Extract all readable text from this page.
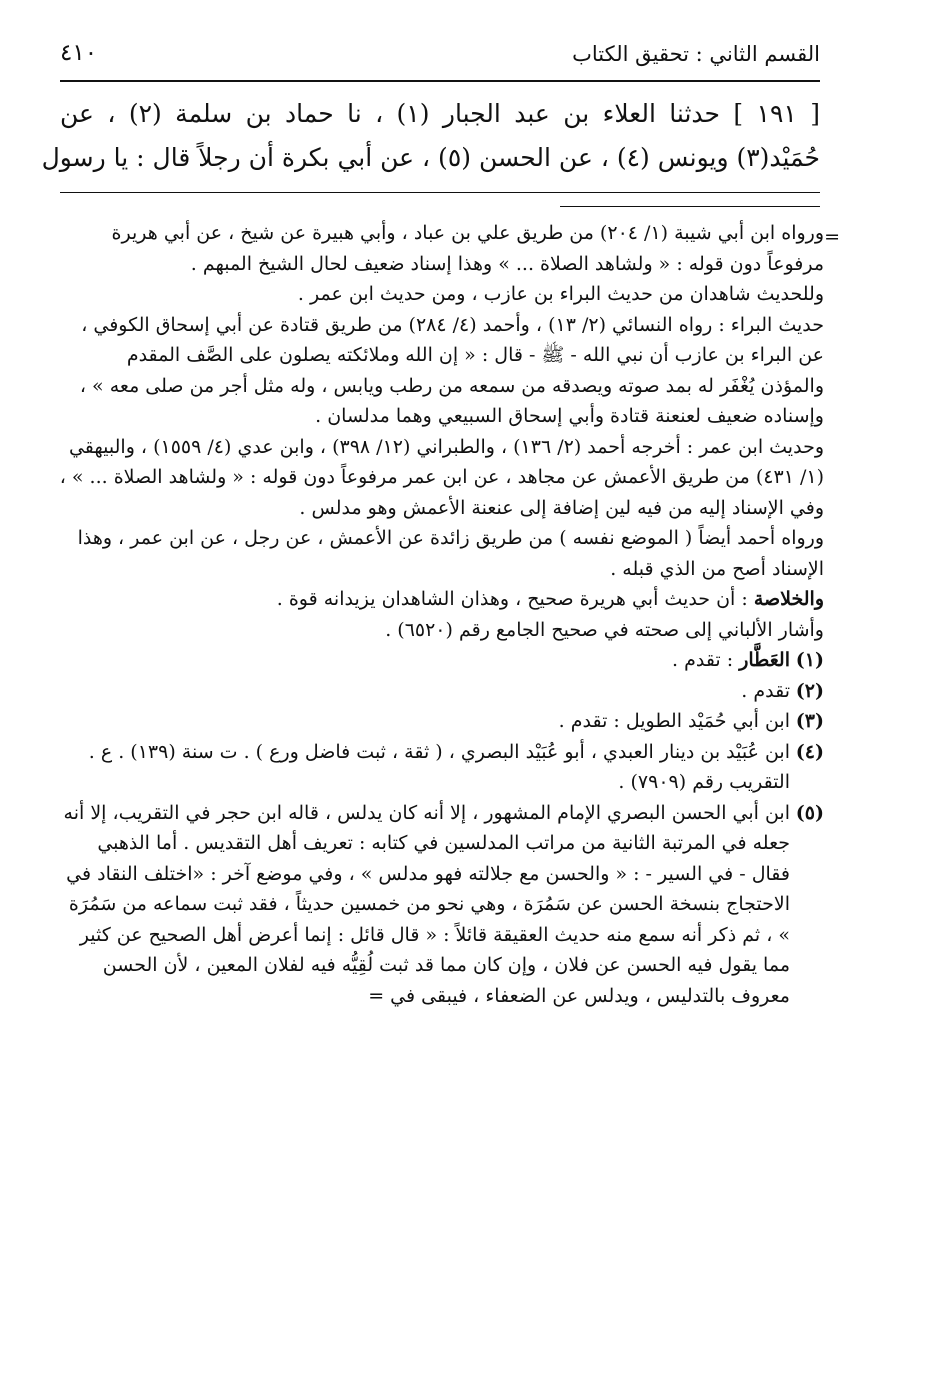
القسم الثاني : تحقيق الكتاب
٤١٠
[ ١٩١ ] حدثنا العلاء بن عبد الجبار (١) ، نا حماد بن سلمة (٢) ، عن
حُمَيْد(٣) ويونس (٤) ، عن الحسن (٥) ، عن أبي بكرة أن رجلاً قال : يا رسول
=

ورواه ابن أبي شيبة (١/ ٢٠٤) من طريق علي بن عباد ، وأبي هبيرة عن شيخ ، عن أبي هريرة مرفوعاً دون قوله : « ولشاهد الصلاة ... » وهذا إسناد ضعيف لحال الشيخ المبهم .

وللحديث شاهدان من حديث البراء بن عازب ، ومن حديث ابن عمر .

حديث البراء : رواه النسائي (٢/ ١٣) ، وأحمد (٤/ ٢٨٤) من طريق قتادة عن أبي إسحاق الكوفي ، عن البراء بن عازب أن نبي الله - ﷺ - قال : « إن الله وملائكته يصلون على الصَّف المقدم والمؤذن يُغْفَر له بمد صوته ويصدقه من سمعه من رطب ويابس ، وله مثل أجر من صلى معه » ، وإسناده ضعيف لعنعنة قتادة وأبي إسحاق السبيعي وهما مدلسان .

وحديث ابن عمر : أخرجه أحمد (٢/ ١٣٦) ، والطبراني (١٢/ ٣٩٨) ، وابن عدي (٤/ ١٥٥٩) ، والبيهقي (١/ ٤٣١) من طريق الأعمش عن مجاهد ، عن ابن عمر مرفوعاً دون قوله : « ولشاهد الصلاة ... » ، وفي الإسناد إليه من فيه لين إضافة إلى عنعنة الأعمش وهو مدلس .

ورواه أحمد أيضاً ( الموضع نفسه ) من طريق زائدة عن الأعمش ، عن رجل ، عن ابن عمر ، وهذا الإسناد أصح من الذي قبله .

والخلاصة : أن حديث أبي هريرة صحيح ، وهذان الشاهدان يزيدانه قوة .

وأشار الألباني إلى صحته في صحيح الجامع رقم (٦٥٢٠) .

(١)
العَطَّار : تقدم .
(٢)
تقدم .
(٣)
ابن أبي حُمَيْد الطويل : تقدم .
(٤)
ابن عُبَيْد بن دينار العبدي ، أبو عُبَيْد البصري ، ( ثقة ، ثبت فاضل ورع ) . ت سنة (١٣٩) . ع . التقريب رقم (٧٩٠٩) .
(٥)
ابن أبي الحسن البصري الإمام المشهور ، إلا أنه كان يدلس ، قاله ابن حجر في التقريب، إلا أنه جعله في المرتبة الثانية من مراتب المدلسين في كتابه : تعريف أهل التقديس . أما الذهبي فقال - في السير - : « والحسن مع جلالته فهو مدلس » ، وفي موضع آخر : «اختلف النقاد في الاحتجاج بنسخة الحسن عن سَمُرَة ، وهي نحو من خمسين حديثاً ، فقد ثبت سماعه من سَمُرَة » ، ثم ذكر أنه سمع منه حديث العقيقة قائلاً : « قال قائل : إنما أعرض أهل الصحيح عن كثير مما يقول فيه الحسن عن فلان ، وإن كان مما قد ثبت لُقِيُّه فيه لفلان المعين ، لأن الحسن معروف بالتدليس ، ويدلس عن الضعفاء ، فيبقى في =
